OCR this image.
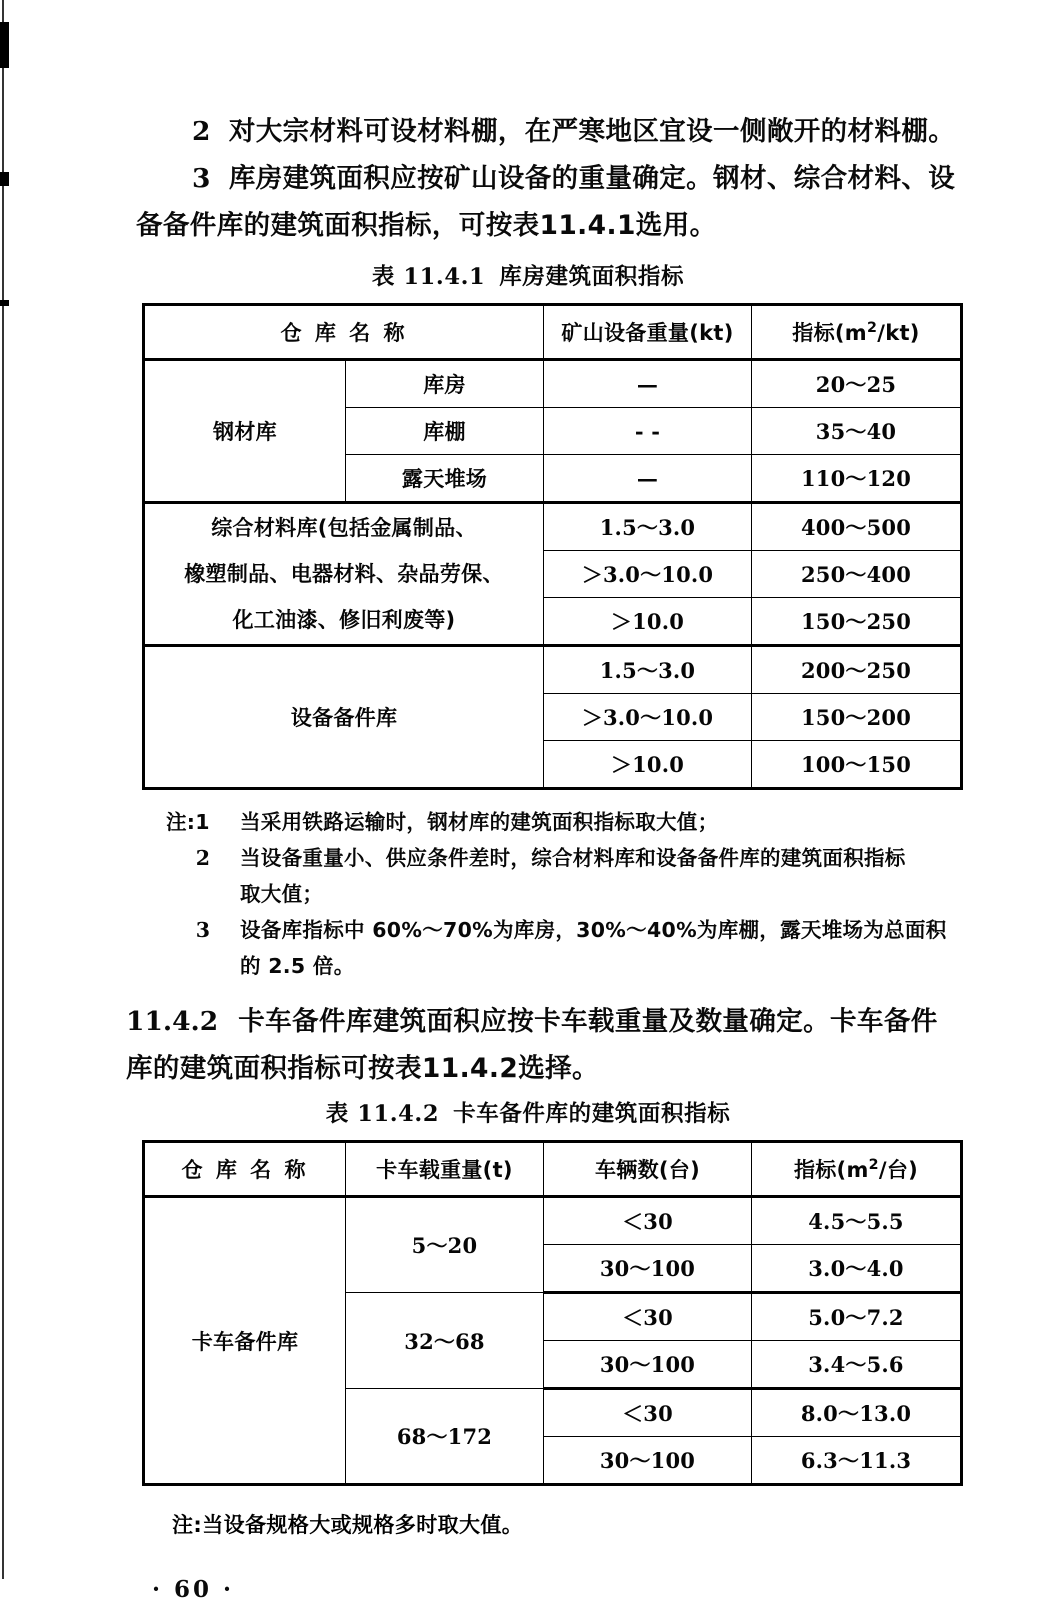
2 对大宗材料可设材料棚，在严寒地区宜设一侧敞开的材料棚。

3 库房建筑面积应按矿山设备的重量确定。钢材、综合材料、设备备件库的建筑面积指标，可按表11.4.1选用。

表 11.4.1 库房建筑面积指标

仓 库 名 称		矿山设备重量(kt)	指标$(m^2/kt)$
钢材库	库房	—	20～25
	库棚	- -	35～40
	露天堆场	—	110～120

综合材料库(包括金属制品、
橡塑制品、电器材料、杂品劳保、
化工油漆、修旧利废等)		1.5～3.0	400～500
		＞3.0～10.0	250～400
		＞10.0	150～250
设备备件库		1.5～3.0	200～250
		＞3.0～10.0	150～200
		＞10.0	100～150
注:1	当采用铁路运输时，钢材库的建筑面积指标取大值；
2	当设备重量小、供应条件差时，综合材料库和设备备件库的建筑面积指标
取大值；
3	设备库指标中 60%～70%为库房，30%～40%为库棚，露天堆场为总面积
的 2.5 倍。

11.4.2 卡车备件库建筑面积应按卡车载重量及数量确定。卡车备件库的建筑面积指标可按表11.4.2选择。

表 11.4.2 卡车备件库的建筑面积指标

仓 库 名 称	卡车载重量(t)	车辆数(台)	指标($m^2/$台)
卡车备件库	5～20	＜30	4.5～5.5
		30～100	3.0～4.0
	32～68	＜30	5.0～7.2
		30～100	3.4～5.6
	68～172	＜30	8.0～13.0
		30～100	6.3～11.3
注:当设备规格大或规格多时取大值。
· 60 ·
